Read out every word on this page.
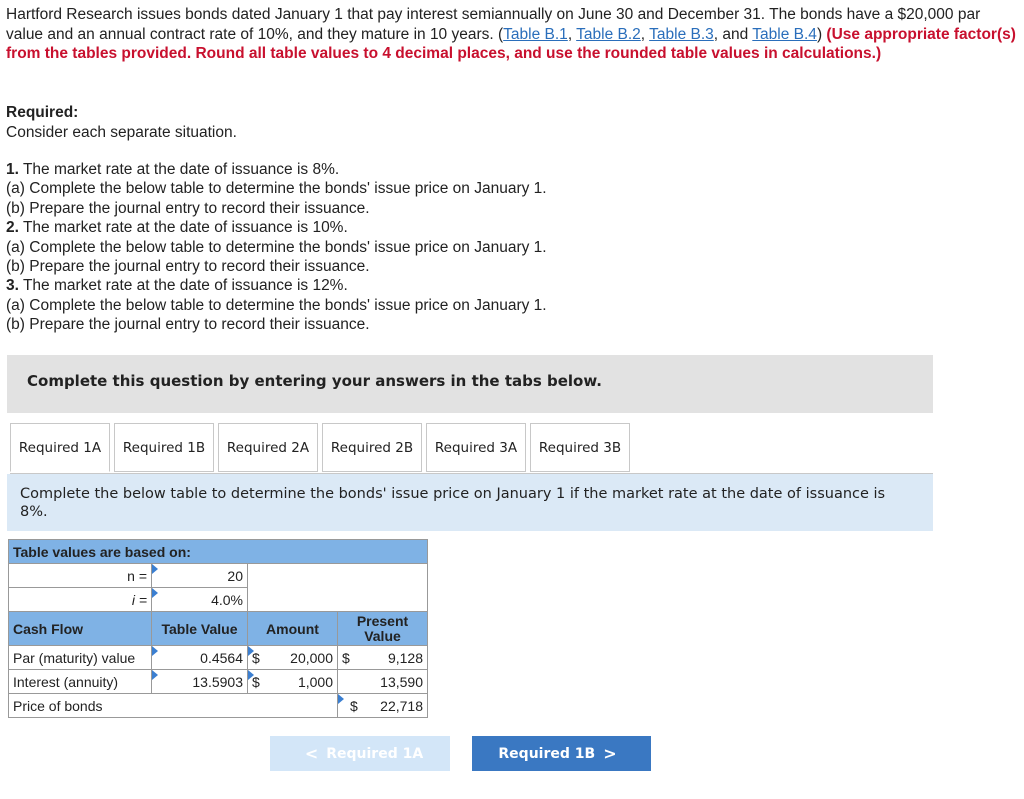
Hartford Research issues bonds dated January 1 that pay interest semiannually on June 30 and December 31. The bonds have a $20,000 par value and an annual contract rate of 10%, and they mature in 10 years. (Table B.1, Table B.2, Table B.3, and Table B.4) (Use appropriate factor(s) from the tables provided. Round all table values to 4 decimal places, and use the rounded table values in calculations.)

Required:
Consider each separate situation.
1. The market rate at the date of issuance is 8%.
(a) Complete the below table to determine the bonds' issue price on January 1.
(b) Prepare the journal entry to record their issuance.
2. The market rate at the date of issuance is 10%.
(a) Complete the below table to determine the bonds' issue price on January 1.
(b) Prepare the journal entry to record their issuance.
3. The market rate at the date of issuance is 12%.
(a) Complete the below table to determine the bonds' issue price on January 1.
(b) Prepare the journal entry to record their issuance.
Complete this question by entering your answers in the tabs below.
Required 1A	Required 1B	Required 2A	Required 2B	Required 3A	Required 3B
Complete the below table to determine the bonds' issue price on January 1 if the market rate at the date of issuance is 8%.
Table values are based on:			
n =	20		
i =	4.0%		
Cash Flow	Table Value	Amount	Present Value
Par (maturity) value	0.4564	$ 20,000	$ 9,128
Interest (annuity)	13.5903	$ 1,000	13,590
Price of bonds			$ 22,718
< Required 1A	Required 1B >
